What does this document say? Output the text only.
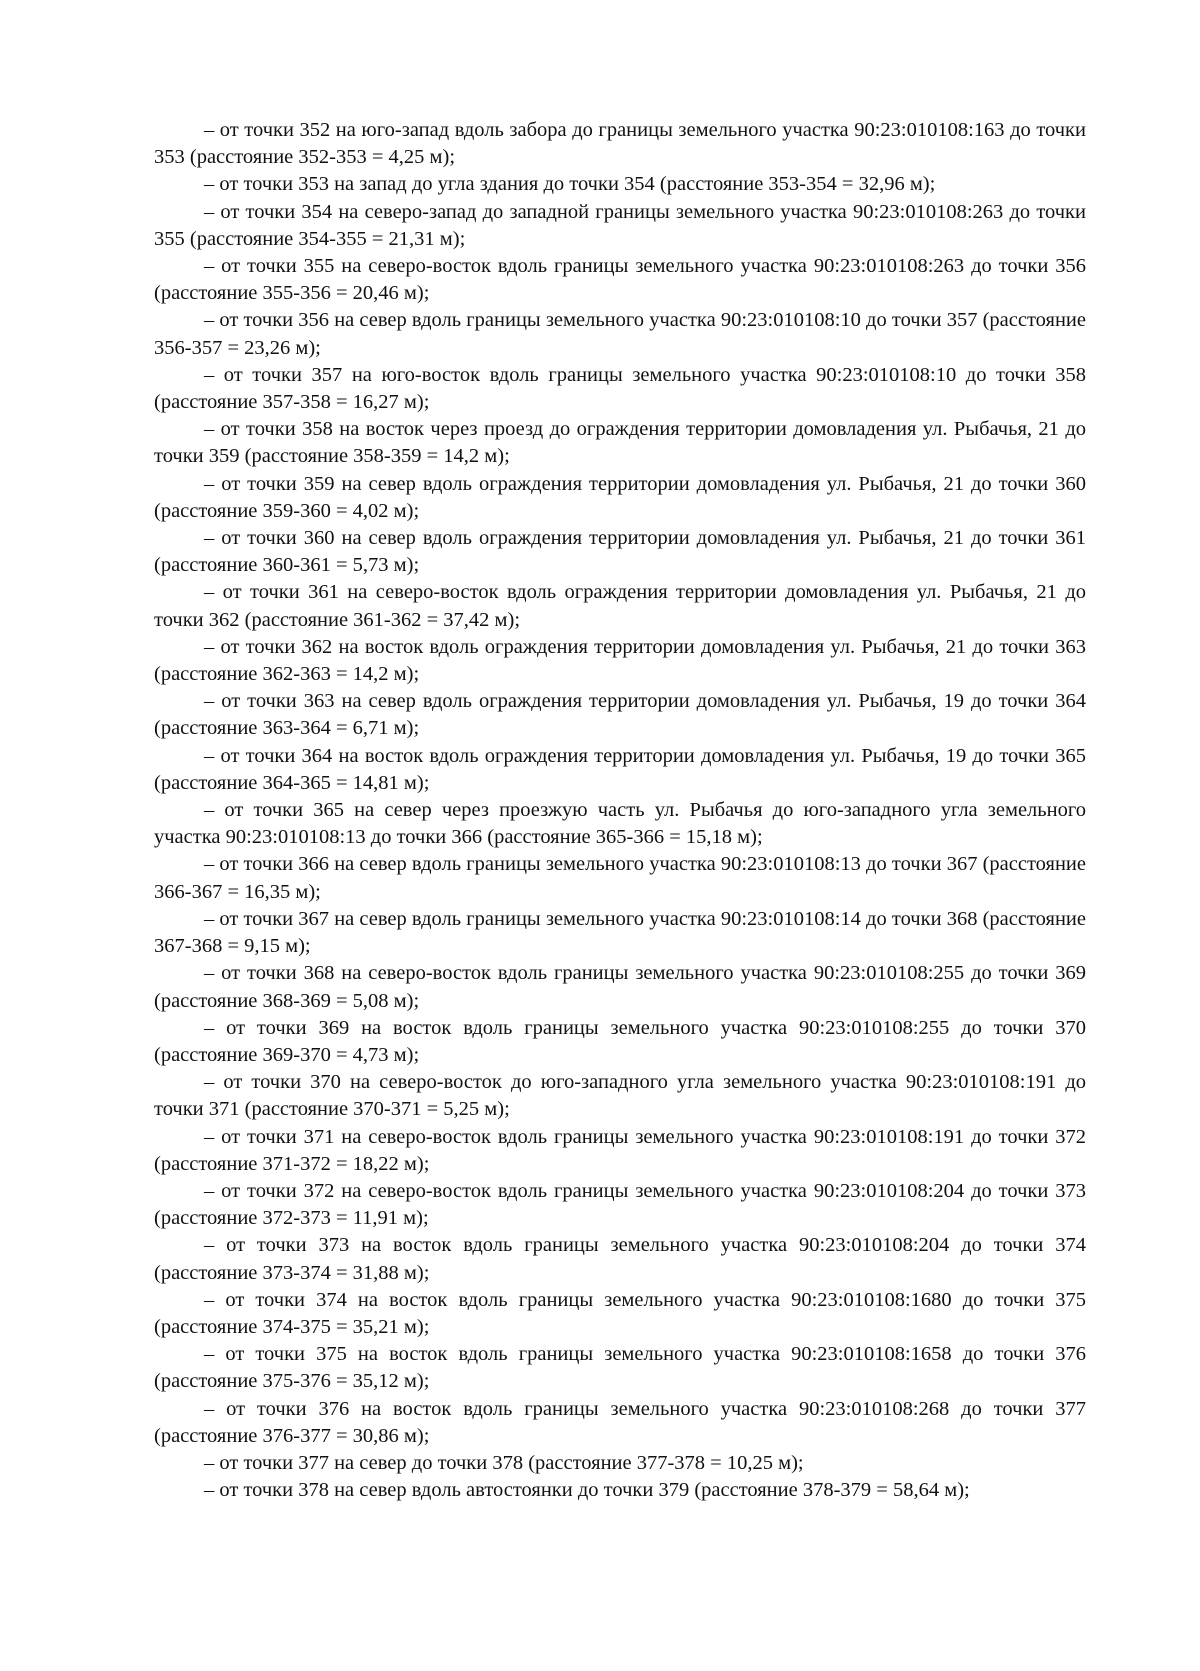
– от точки 352 на юго-запад вдоль забора до границы земельного участка 90:23:010108:163 до точки 353 (расстояние 352-353 = 4,25 м);

– от точки 353 на запад до угла здания до точки 354 (расстояние 353-354 = 32,96 м);

– от точки 354 на северо-запад до западной границы земельного участка 90:23:010108:263 до точки 355 (расстояние 354-355 = 21,31 м);

– от точки 355 на северо-восток вдоль границы земельного участка 90:23:010108:263 до точки 356 (расстояние 355-356 = 20,46 м);

– от точки 356 на север вдоль границы земельного участка 90:23:010108:10 до точки 357 (расстояние 356-357 = 23,26 м);

– от точки 357 на юго-восток вдоль границы земельного участка 90:23:010108:10 до точки 358 (расстояние 357-358 = 16,27 м);

– от точки 358 на восток через проезд до ограждения территории домовладения ул. Рыбачья, 21 до точки 359 (расстояние 358-359 = 14,2 м);

– от точки 359 на север вдоль ограждения территории домовладения ул. Рыбачья, 21 до точки 360 (расстояние 359-360 = 4,02 м);

– от точки 360 на север вдоль ограждения территории домовладения ул. Рыбачья, 21 до точки 361 (расстояние 360-361 = 5,73 м);

– от точки 361 на северо-восток вдоль ограждения территории домовладения ул. Рыбачья, 21 до точки 362 (расстояние 361-362 = 37,42 м);

– от точки 362 на восток вдоль ограждения территории домовладения ул. Рыбачья, 21 до точки 363 (расстояние 362-363 = 14,2 м);

– от точки 363 на север вдоль ограждения территории домовладения ул. Рыбачья, 19 до точки 364 (расстояние 363-364 = 6,71 м);

– от точки 364 на восток вдоль ограждения территории домовладения ул. Рыбачья, 19 до точки 365 (расстояние 364-365 = 14,81 м);

– от точки 365 на север через проезжую часть ул. Рыбачья до юго-западного угла земельного участка 90:23:010108:13 до точки 366 (расстояние 365-366 = 15,18 м);

– от точки 366 на север вдоль границы земельного участка 90:23:010108:13 до точки 367 (расстояние 366-367 = 16,35 м);

– от точки 367 на север вдоль границы земельного участка 90:23:010108:14 до точки 368 (расстояние 367-368 = 9,15 м);

– от точки 368 на северо-восток вдоль границы земельного участка 90:23:010108:255 до точки 369 (расстояние 368-369 = 5,08 м);

– от точки 369 на восток вдоль границы земельного участка 90:23:010108:255 до точки 370 (расстояние 369-370 = 4,73 м);

– от точки 370 на северо-восток до юго-западного угла земельного участка 90:23:010108:191 до точки 371 (расстояние 370-371 = 5,25 м);

– от точки 371 на северо-восток вдоль границы земельного участка 90:23:010108:191 до точки 372 (расстояние 371-372 = 18,22 м);

– от точки 372 на северо-восток вдоль границы земельного участка 90:23:010108:204 до точки 373 (расстояние 372-373 = 11,91 м);

– от точки 373 на восток вдоль границы земельного участка 90:23:010108:204 до точки 374 (расстояние 373-374 = 31,88 м);

– от точки 374 на восток вдоль границы земельного участка 90:23:010108:1680 до точки 375 (расстояние 374-375 = 35,21 м);

– от точки 375 на восток вдоль границы земельного участка 90:23:010108:1658 до точки 376 (расстояние 375-376 = 35,12 м);

– от точки 376 на восток вдоль границы земельного участка 90:23:010108:268 до точки 377 (расстояние 376-377 = 30,86 м);

– от точки 377 на север до точки 378 (расстояние 377-378 = 10,25 м);

– от точки 378 на север вдоль автостоянки до точки 379 (расстояние 378-379 = 58,64 м);
